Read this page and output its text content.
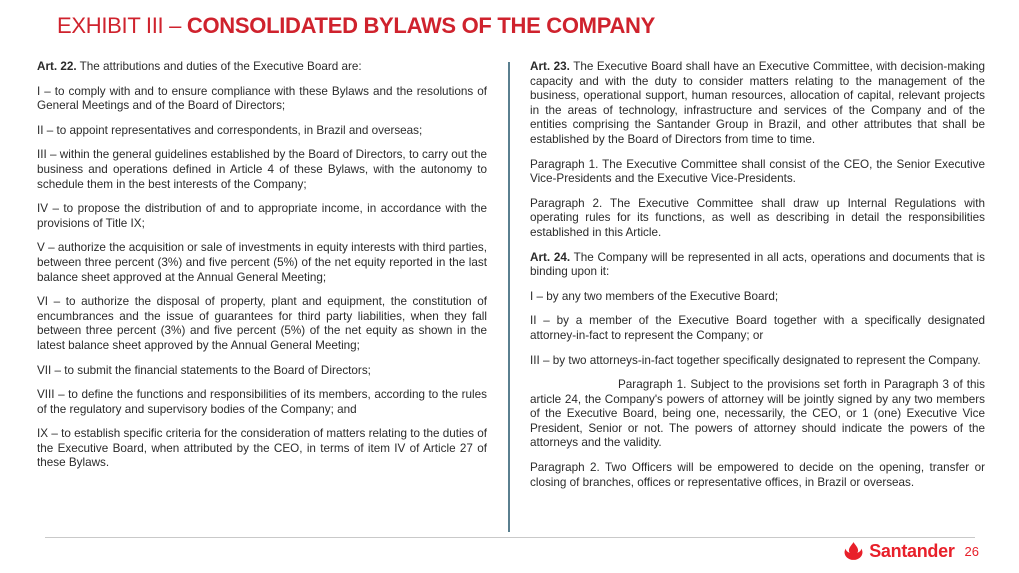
EXHIBIT III – CONSOLIDATED BYLAWS OF THE COMPANY

Art. 22. The attributions and duties of the Executive Board are:

I – to comply with and to ensure compliance with these Bylaws and the resolutions of General Meetings and of the Board of Directors;

II – to appoint representatives and correspondents, in Brazil and overseas;

III – within the general guidelines established by the Board of Directors, to carry out the business and operations defined in Article 4 of these Bylaws, with the autonomy to schedule them in the best interests of the Company;

IV – to propose the distribution of and to appropriate income, in accordance with the provisions of Title IX;

V – authorize the acquisition or sale of investments in equity interests with third parties, between three percent (3%) and five percent (5%) of the net equity reported in the last balance sheet approved at the Annual General Meeting;

VI – to authorize the disposal of property, plant and equipment, the constitution of encumbrances and the issue of guarantees for third party liabilities, when they fall between three percent (3%) and five percent (5%) of the net equity as shown in the latest balance sheet approved by the Annual General Meeting;

VII – to submit the financial statements to the Board of Directors;

VIII – to define the functions and responsibilities of its members, according to the rules of the regulatory and supervisory bodies of the Company; and

IX – to establish specific criteria for the consideration of matters relating to the duties of the Executive Board, when attributed by the CEO, in terms of item IV of Article 27 of these Bylaws.

Art. 23. The Executive Board shall have an Executive Committee, with decision-making capacity and with the duty to consider matters relating to the management of the business, operational support, human resources, allocation of capital, relevant projects in the areas of technology, infrastructure and services of the Company and of the entities comprising the Santander Group in Brazil, and other attributes that shall be established by the Board of Directors from time to time.

Paragraph 1. The Executive Committee shall consist of the CEO, the Senior Executive Vice-Presidents and the Executive Vice-Presidents.

Paragraph 2. The Executive Committee shall draw up Internal Regulations with operating rules for its functions, as well as describing in detail the responsibilities established in this Article.

Art. 24. The Company will be represented in all acts, operations and documents that is binding upon it:

I – by any two members of the Executive Board;

II – by a member of the Executive Board together with a specifically designated attorney-in-fact to represent the Company; or

III – by two attorneys-in-fact together specifically designated to represent the Company.

Paragraph 1. Subject to the provisions set forth in Paragraph 3 of this article 24, the Company's powers of attorney will be jointly signed by any two members of the Executive Board, being one, necessarily, the CEO, or 1 (one) Executive Vice President, Senior or not. The powers of attorney should indicate the powers of the attorneys and the validity.

Paragraph 2. Two Officers will be empowered to decide on the opening, transfer or closing of branches, offices or representative offices, in Brazil or overseas.

Santander 26
